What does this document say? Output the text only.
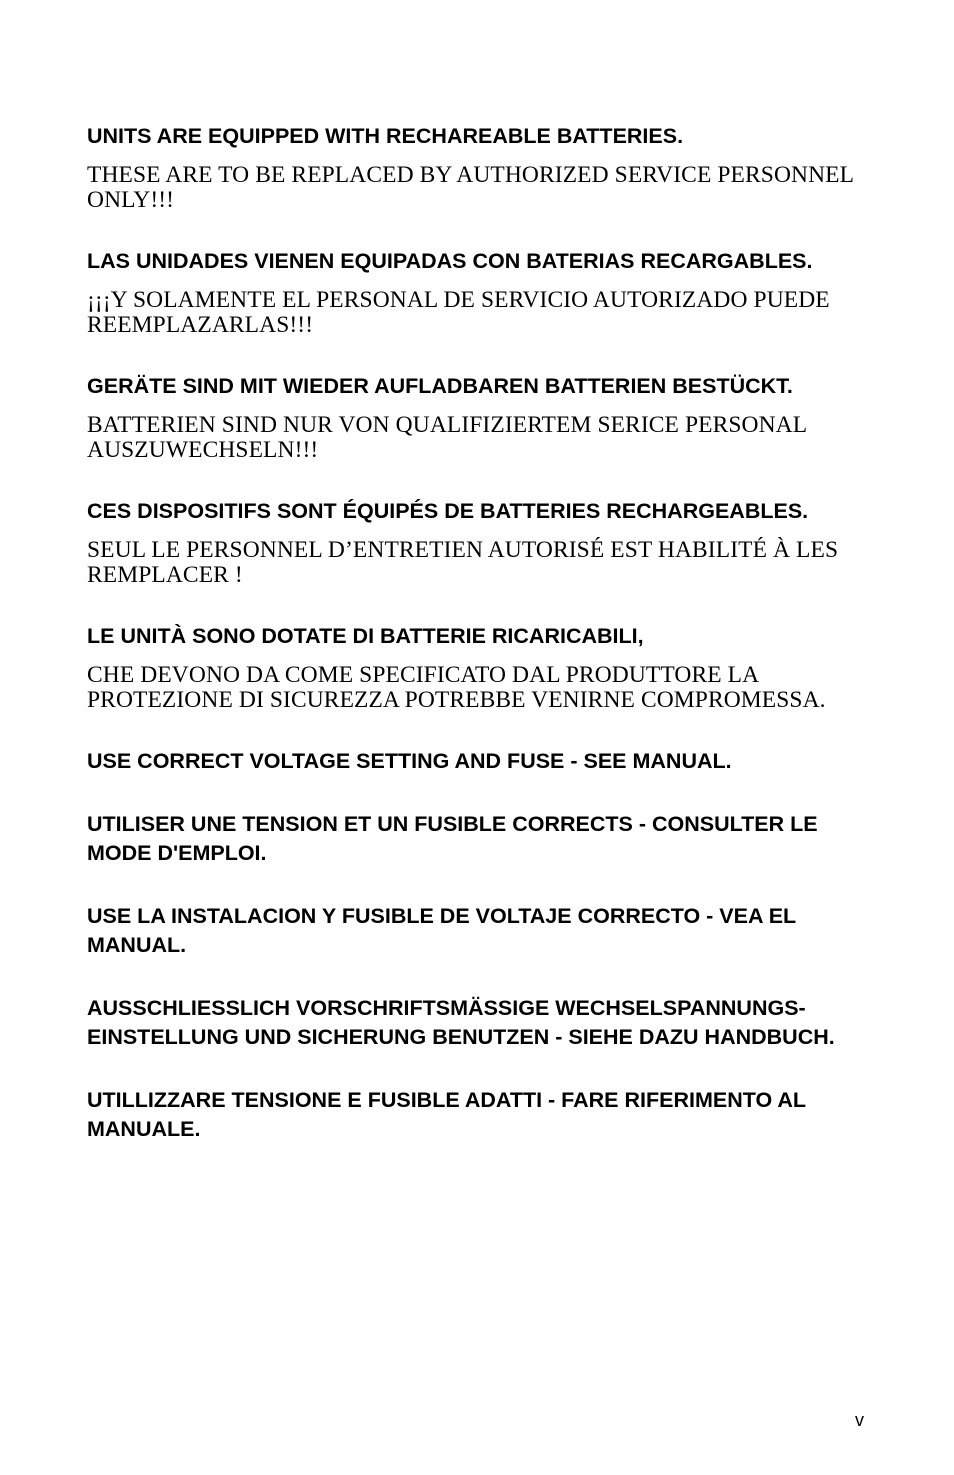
UNITS ARE EQUIPPED WITH RECHAREABLE BATTERIES.

THESE ARE TO BE REPLACED BY AUTHORIZED SERVICE PERSONNEL ONLY!!!

LAS UNIDADES VIENEN EQUIPADAS CON BATERIAS RECARGABLES.

¡¡¡Y SOLAMENTE EL PERSONAL DE SERVICIO AUTORIZADO PUEDE REEMPLAZARLAS!!!

GERÄTE SIND MIT WIEDER AUFLADBAREN BATTERIEN BESTÜCKT.

BATTERIEN SIND NUR VON QUALIFIZIERTEM SERICE PERSONAL AUSZUWECHSELN!!!

CES DISPOSITIFS SONT ÉQUIPÉS DE BATTERIES RECHARGEABLES.

SEUL LE PERSONNEL D’ENTRETIEN AUTORISÉ EST HABILITÉ À LES REMPLACER !

LE UNITÀ SONO DOTATE DI BATTERIE RICARICABILI,

CHE DEVONO DA COME SPECIFICATO DAL PRODUTTORE LA PROTEZIONE DI SICUREZZA POTREBBE VENIRNE COMPROMESSA.

USE CORRECT VOLTAGE SETTING AND FUSE - SEE MANUAL.

UTILISER UNE TENSION ET UN FUSIBLE CORRECTS - CONSULTER LE MODE D'EMPLOI.

USE LA INSTALACION Y FUSIBLE DE VOLTAJE CORRECTO - VEA EL MANUAL.

AUSSCHLIESSLICH VORSCHRIFTSMÄSSIGE WECHSELSPANNUNGS-EINSTELLUNG UND SICHERUNG BENUTZEN - SIEHE DAZU HANDBUCH.

UTILLIZZARE TENSIONE E FUSIBLE ADATTI - FARE RIFERIMENTO AL MANUALE.

v
